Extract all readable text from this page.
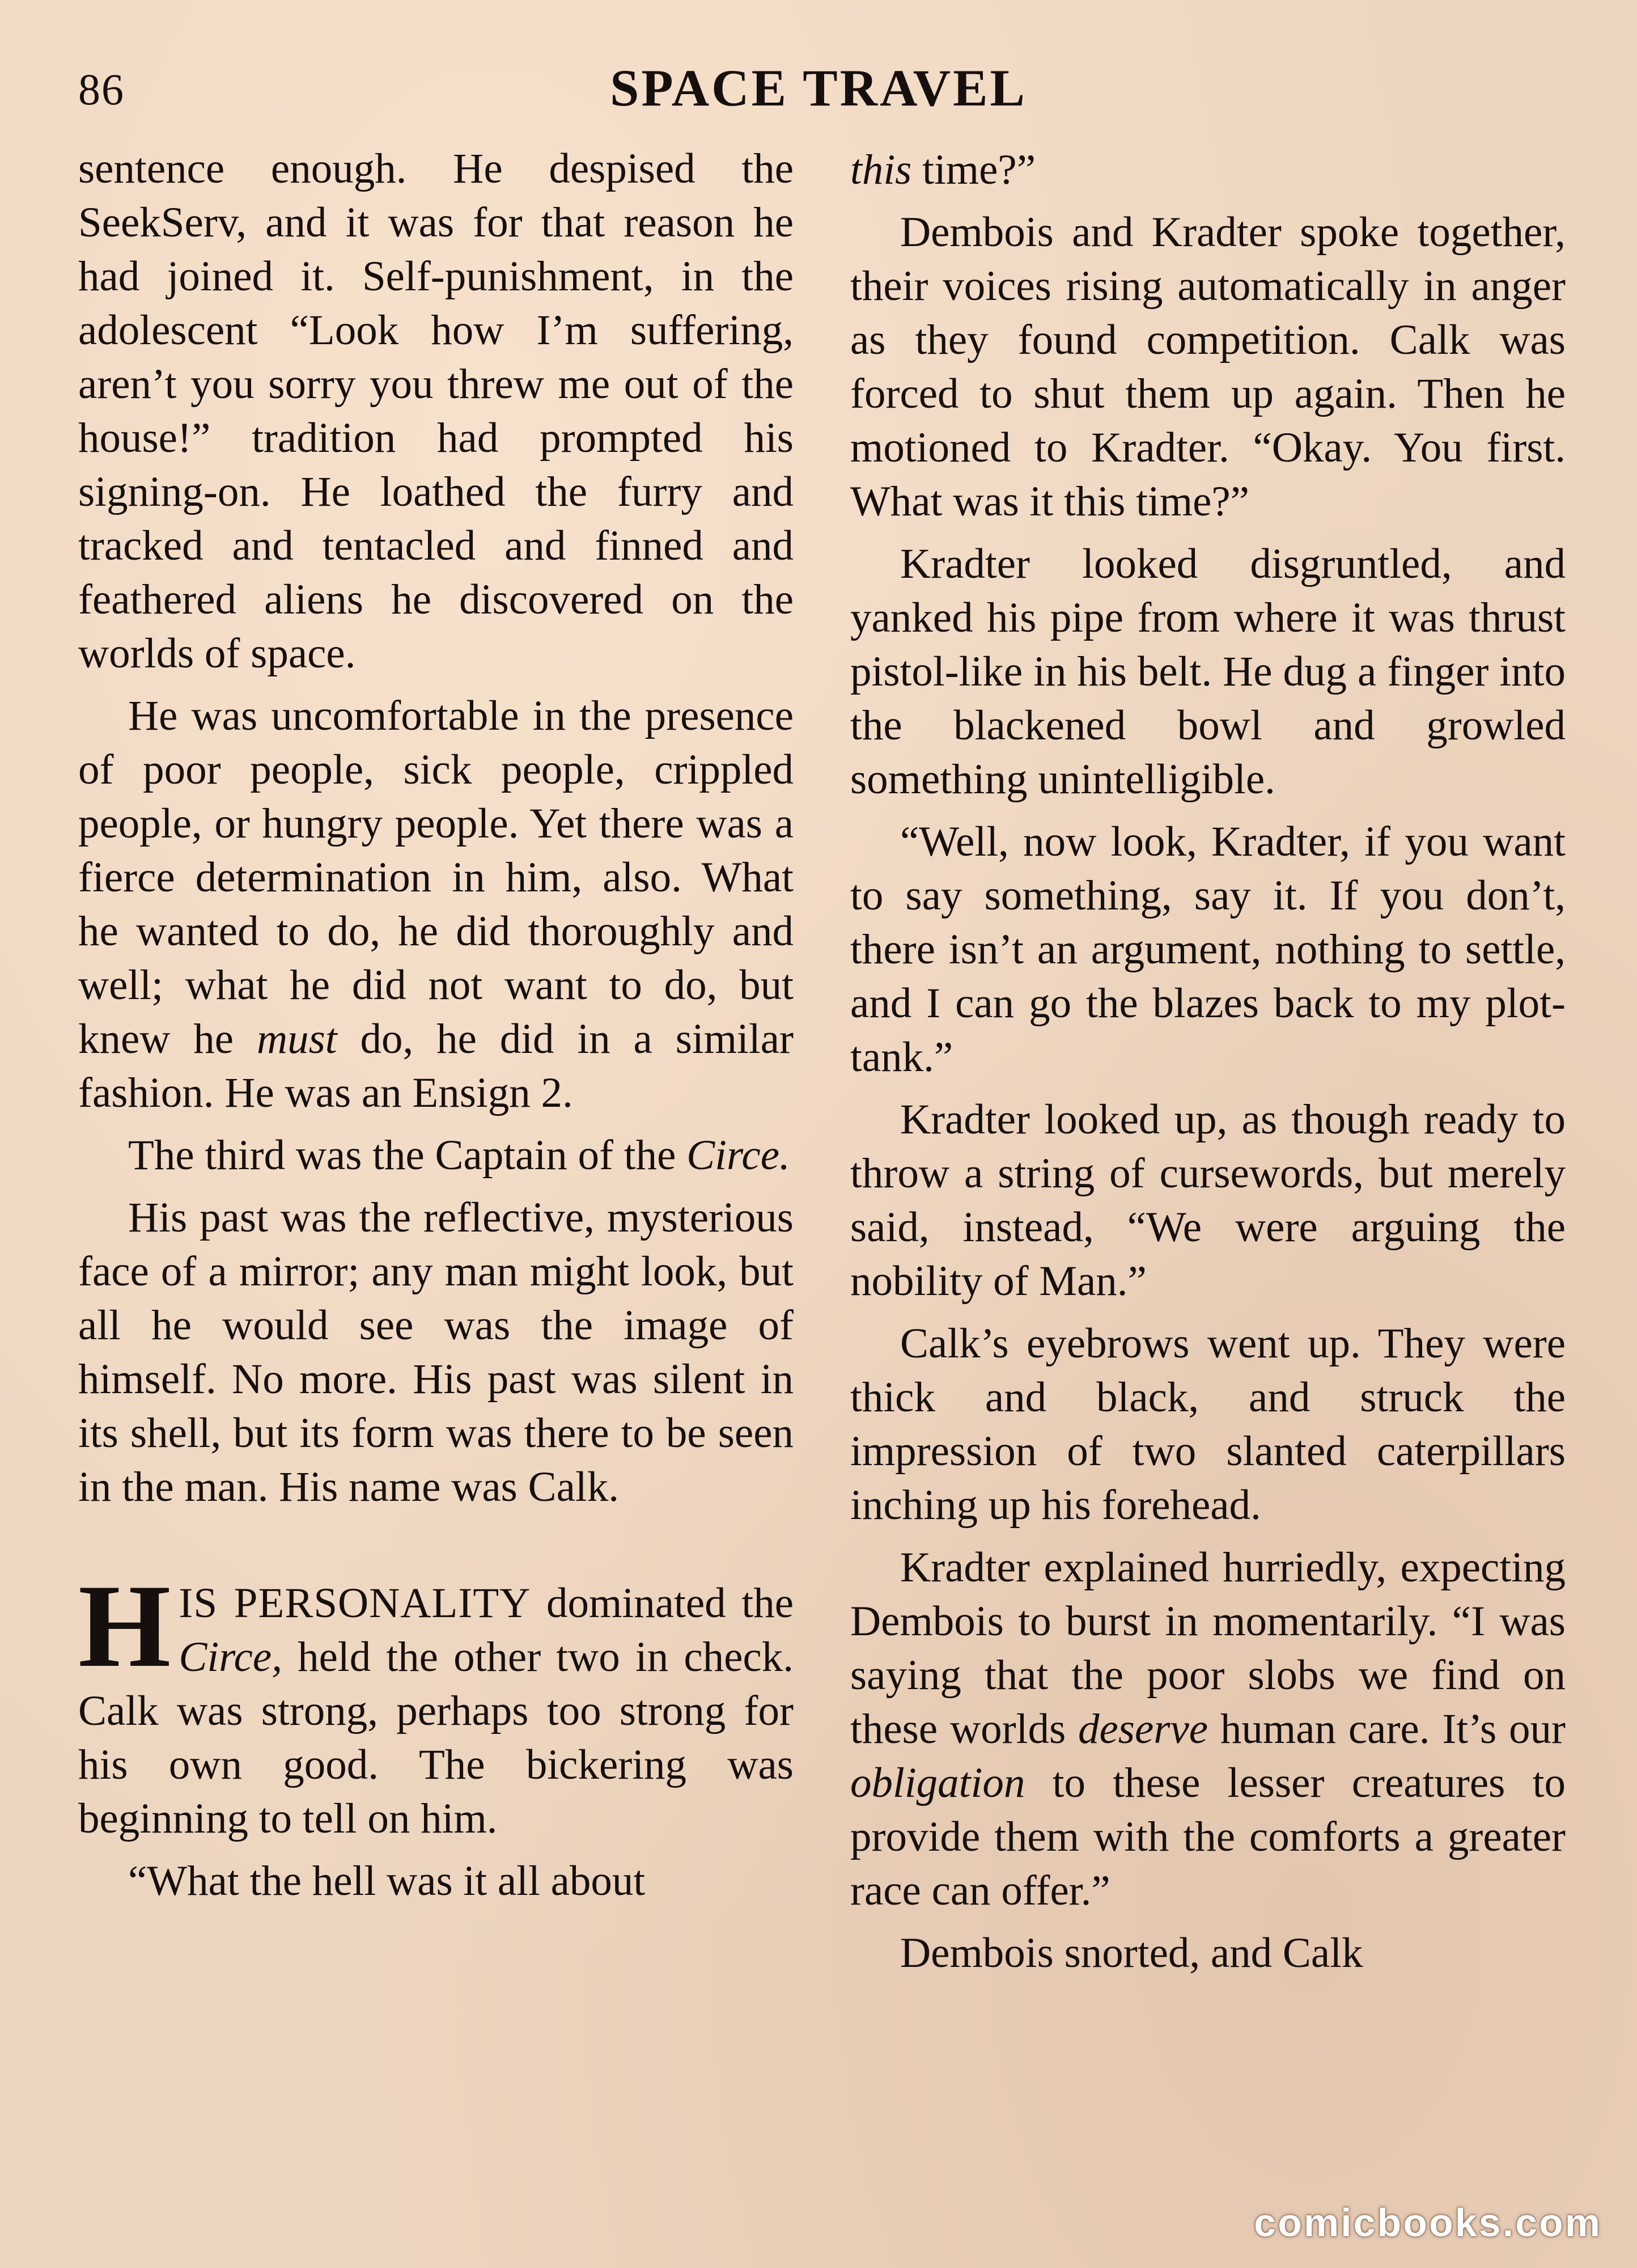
86	SPACE TRAVEL

sentence enough. He despised the SeekServ, and it was for that reason he had joined it. Self-punishment, in the adolescent “Look how I’m suffering, aren’t you sorry you threw me out of the house!” tradition had prompted his signing-on. He loathed the furry and tracked and tentacled and finned and feathered aliens he discovered on the worlds of space.

He was uncomfortable in the presence of poor people, sick people, crippled people, or hungry people. Yet there was a fierce determination in him, also. What he wanted to do, he did thoroughly and well; what he did not want to do, but knew he must do, he did in a similar fashion. He was an Ensign 2.

The third was the Captain of the Circe.

His past was the reflective, mysterious face of a mirror; any man might look, but all he would see was the image of himself. No more. His past was silent in its shell, but its form was there to be seen in the man. His name was Calk.

HIS PERSONALITY dominated the Circe, held the other two in check. Calk was strong, perhaps too strong for his own good. The bickering was beginning to tell on him.

“What the hell was it all about

this time?”

Dembois and Kradter spoke together, their voices rising automatically in anger as they found competition. Calk was forced to shut them up again. Then he motioned to Kradter. “Okay. You first. What was it this time?”

Kradter looked disgruntled, and yanked his pipe from where it was thrust pistol-like in his belt. He dug a finger into the blackened bowl and growled something unintelligible.

“Well, now look, Kradter, if you want to say something, say it. If you don’t, there isn’t an argument, nothing to settle, and I can go the blazes back to my plot-tank.”

Kradter looked up, as though ready to throw a string of cursewords, but merely said, instead, “We were arguing the nobility of Man.”

Calk’s eyebrows went up. They were thick and black, and struck the impression of two slanted caterpillars inching up his forehead.

Kradter explained hurriedly, expecting Dembois to burst in momentarily. “I was saying that the poor slobs we find on these worlds deserve human care. It’s our obligation to these lesser creatures to provide them with the comforts a greater race can offer.”

Dembois snorted, and Calk

comicbooks.com
